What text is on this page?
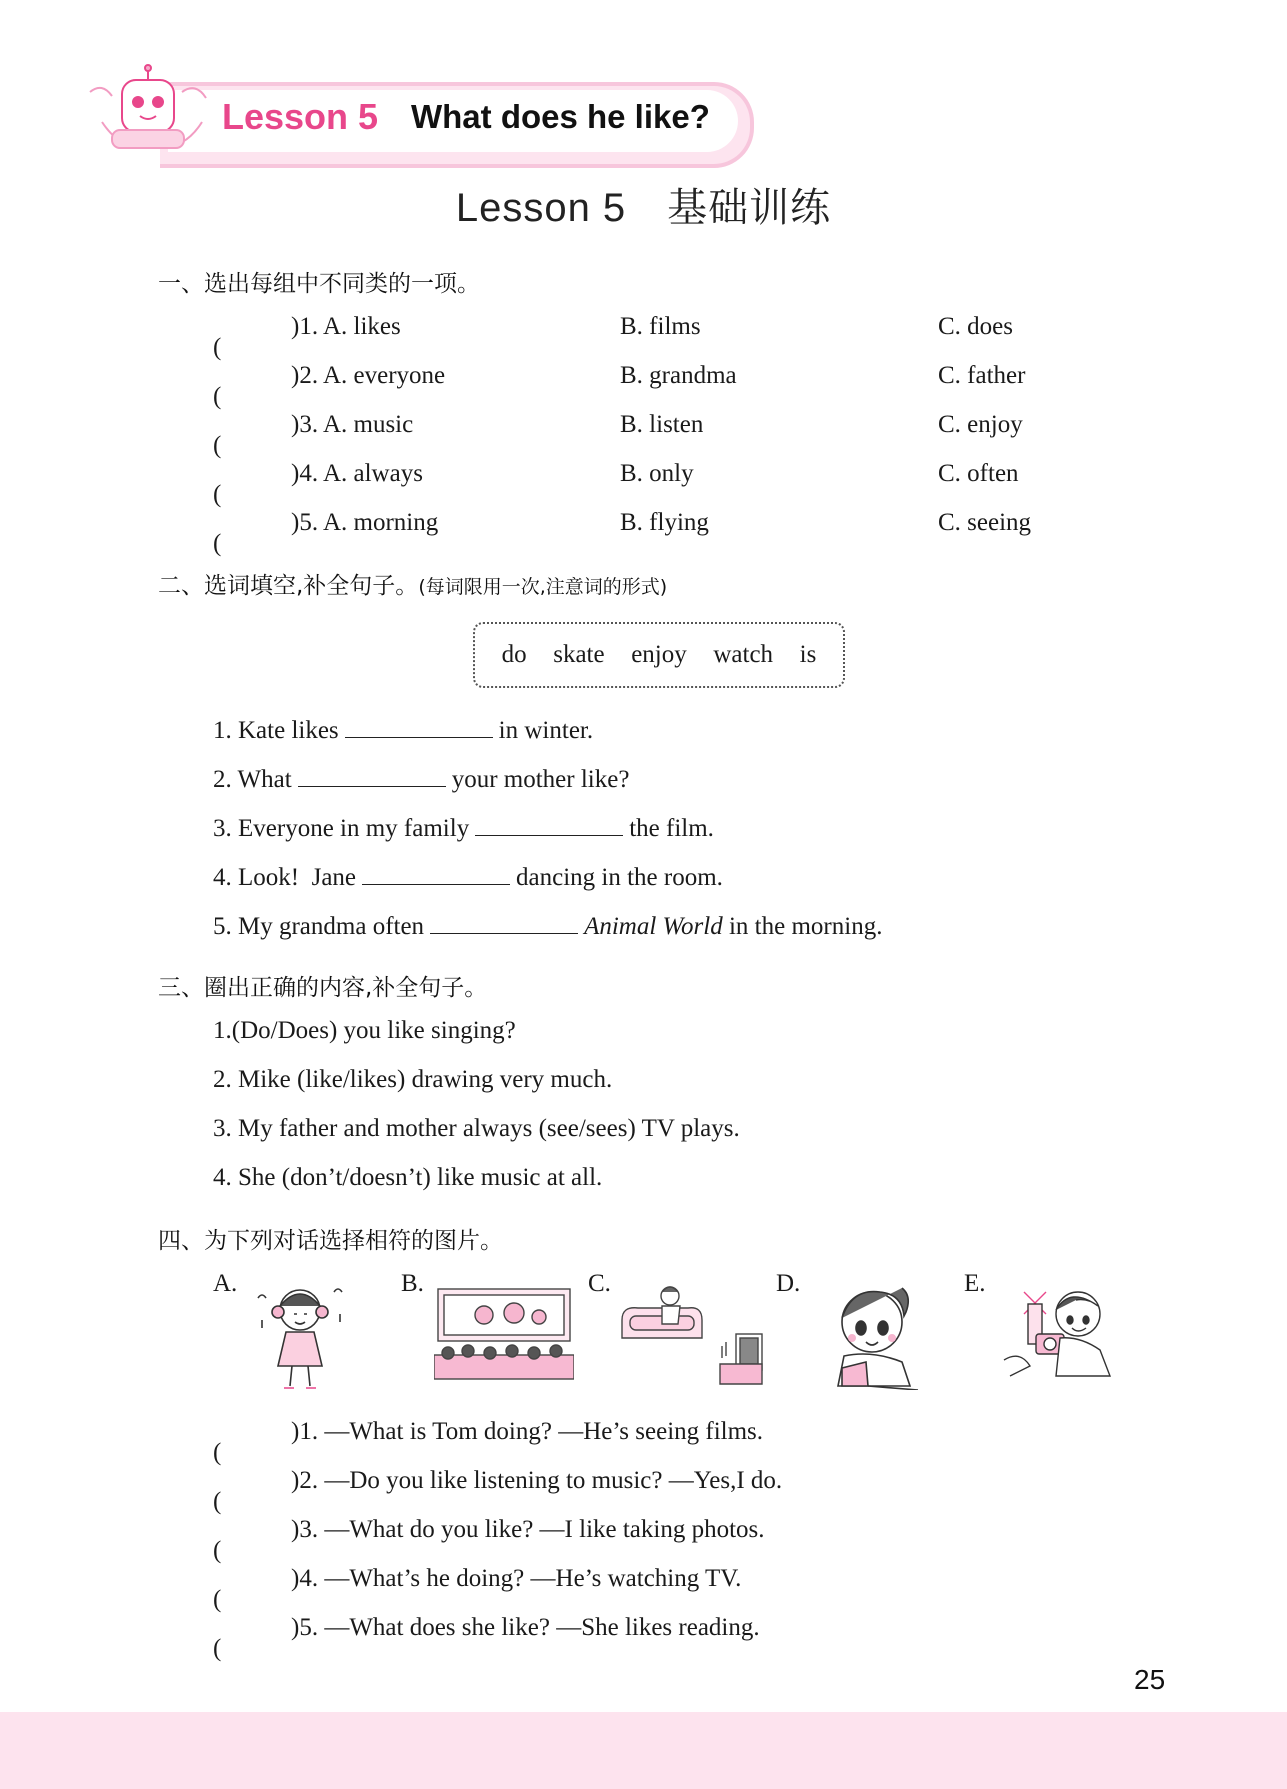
Lesson 5 What does he like?
Lesson 5　基础训练
一、选出每组中不同类的一项。
(
)1. A. likes	B. films	C. does
(
)2. A. everyone	B. grandma	C. father
(
)3. A. music	B. listen	C. enjoy
(
)4. A. always	B. only	C. often
(
)5. A. morning	B. flying	C. seeing
二、选词填空,补全句子。(每词限用一次,注意词的形式)
do skate enjoy watch is
1. Kate likes	in winter.
2. What	your mother like?
3. Everyone in my family	the film.
4. Look!  Jane	dancing in the room.
5. My grandma often	Animal World in the morning.
三、圈出正确的内容,补全句子。
1.(Do/Does) you like singing?
2. Mike (like/likes) drawing very much.
3. My father and mother always (see/sees) TV plays.
4. She (don’t/doesn’t) like music at all.
四、为下列对话选择相符的图片。
A.	B.	C.	D.	E.
(
)1. —What is Tom doing? —He’s seeing films.
(
)2. —Do you like listening to music? —Yes,I do.
(
)3. —What do you like? —I like taking photos.
(
)4. —What’s he doing? —He’s watching TV.
(
)5. —What does she like? —She likes reading.
25
